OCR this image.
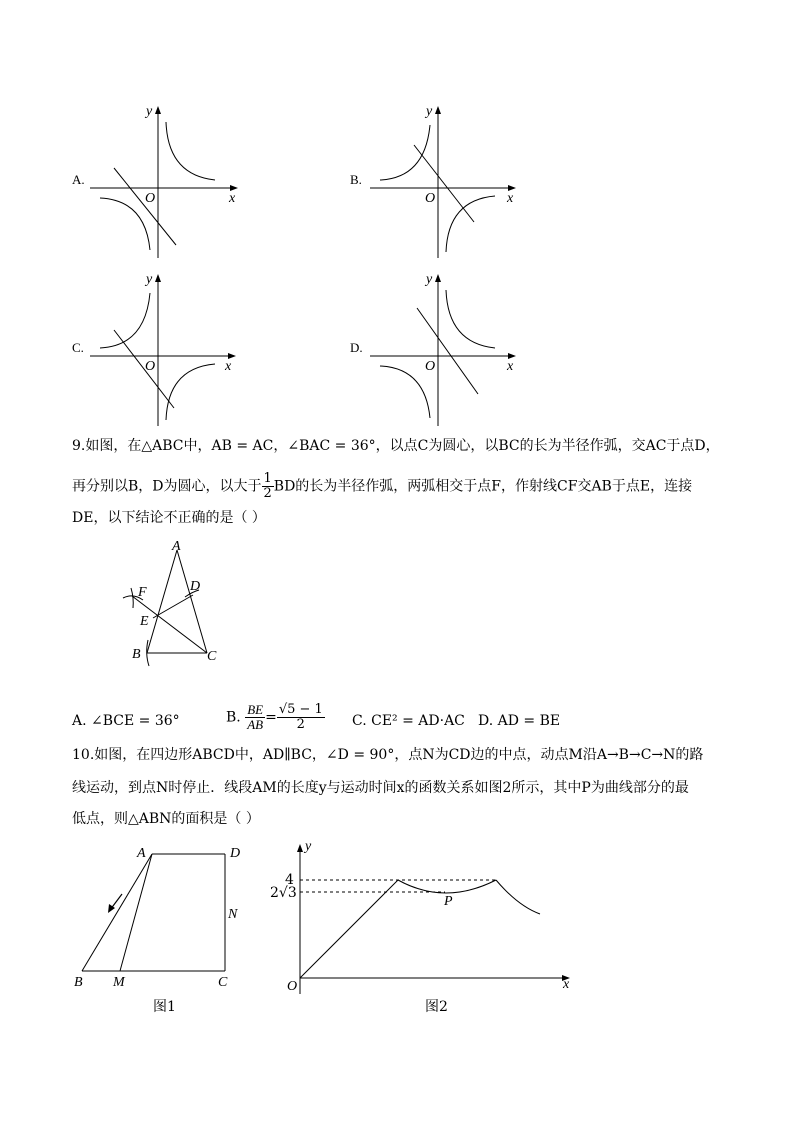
A.
O	x
y
B.
O	x
y
C.
O	x
y
D.
O	x
y
9.如图，在△ABC中，AB = AC，∠BAC = 36°，以点C为圆心，以BC的长为半径作弧，交AC于点D，
再分别以B，D为圆心，以大于 $\frac{1}{2}$ BD的长为半径作弧，两弧相交于点F，作射线CF交AB于点E，连接
DE，以下结论不正确的是（ ）
A
D
F
E
B	C
A. ∠BCE = 36°	B. $\frac{BE}{AB} = \frac{√5 - 1}{2} C$. CE² = AD·AC D. AD = BE
10.如图，在四边形ABCD中，AD∥BC，∠D = 90°，点N为CD边的中点，动点M沿A→B→C→N的路
线运动，到点N时停止．线段AM的长度y与运动时间x的函数关系如图2所示，其中P为曲线部分的最
低点，则△ABN的面积是（ ）
A	D
N
B M	C
图1
y
4
2√3
P
O	x
图2
